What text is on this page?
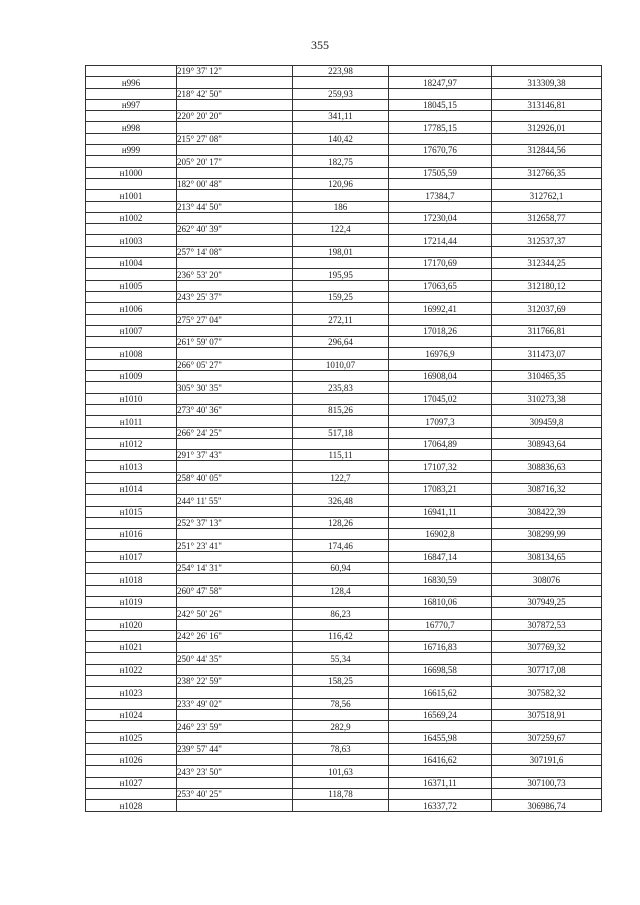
355
	219° 37' 12"	223,98		
н996			18247,97	313309,38
	218° 42' 50"	259,93		
н997			18045,15	313146,81
	220° 20' 20"	341,11		
н998			17785,15	312926,01
	215° 27' 08"	140,42		
н999			17670,76	312844,56
	205° 20' 17"	182,75		
н1000			17505,59	312766,35
	182° 00' 48"	120,96		
н1001			17384,7	312762,1
	213° 44' 50"	186		
н1002			17230,04	312658,77
	262° 40' 39"	122,4		
н1003			17214,44	312537,37
	257° 14' 08"	198,01		
н1004			17170,69	312344,25
	236° 53' 20"	195,95		
н1005			17063,65	312180,12
	243° 25' 37"	159,25		
н1006			16992,41	312037,69
	275° 27' 04"	272,11		
н1007			17018,26	311766,81
	261° 59' 07"	296,64		
н1008			16976,9	311473,07
	266° 05' 27"	1010,07		
н1009			16908,04	310465,35
	305° 30' 35"	235,83		
н1010			17045,02	310273,38
	273° 40' 36"	815,26		
н1011			17097,3	309459,8
	266° 24' 25"	517,18		
н1012			17064,89	308943,64
	291° 37' 43"	115,11		
н1013			17107,32	308836,63
	258° 40' 05"	122,7		
н1014			17083,21	308716,32
	244° 11' 55"	326,48		
н1015			16941,11	308422,39
	252° 37' 13"	128,26		
н1016			16902,8	308299,99
	251° 23' 41"	174,46		
н1017			16847,14	308134,65
	254° 14' 31"	60,94		
н1018			16830,59	308076
	260° 47' 58"	128,4		
н1019			16810,06	307949,25
	242° 50' 26"	86,23		
н1020			16770,7	307872,53
	242° 26' 16"	116,42		
н1021			16716,83	307769,32
	250° 44' 35"	55,34		
н1022			16698,58	307717,08
	238° 22' 59"	158,25		
н1023			16615,62	307582,32
	233° 49' 02"	78,56		
н1024			16569,24	307518,91
	246° 23' 59"	282,9		
н1025			16455,98	307259,67
	239° 57' 44"	78,63		
н1026			16416,62	307191,6
	243° 23' 50"	101,63		
н1027			16371,11	307100,73
	253° 40' 25"	118,78		
н1028			16337,72	306986,74
